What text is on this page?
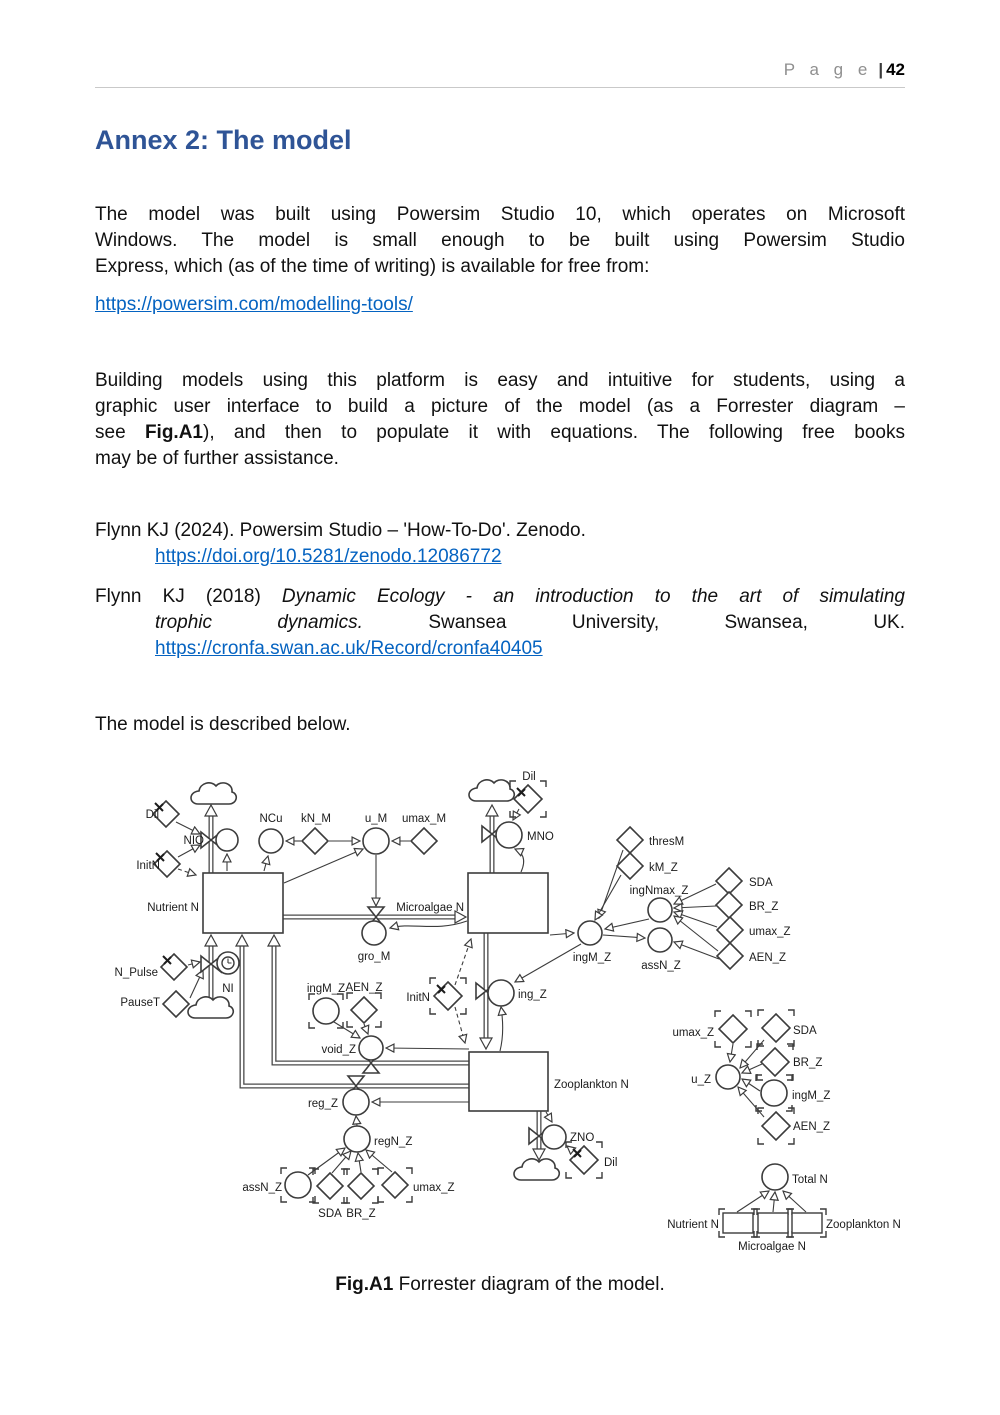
P a g e | 42
Annex 2: The model
The model was built using Powersim Studio 10, which operates on Microsoft
Windows. The model is small enough to be built using Powersim Studio
Express, which (as of the time of writing) is available for free from:
https://powersim.com/modelling-tools/
Building models using this platform is easy and intuitive for students, using a
graphic user interface to build a picture of the model (as a Forrester diagram –
see Fig.A1), and then to populate it with equations. The following free books
may be of further assistance.
Flynn KJ (2024). Powersim Studio – 'How-To-Do'. Zenodo.
https://doi.org/10.5281/zenodo.12086772
Flynn KJ (2018) Dynamic Ecology - an introduction to the art of simulating
trophic dynamics.	Swansea University, Swansea, UK.
https://cronfa.swan.ac.uk/Record/cronfa40405
The model is described below.
Dil
NIO
InitN
NCu kN_M	u_M umax_M
Nutrient N
N_Pulse
PauseT
NI
gro_M
Dil
MNO
Microalgae N
thresM
kM_Z
ingNmax_Z
SDA
BR_Z
umax_Z
AEN_Z
ingM_Z
assN_Z
InitN	ing_Z
ingM_Z AEN_Z
void_Z
Zooplankton N
reg_Z
regN_Z
assN_Z
SDA BR_Z
umax_Z
ZNO
Dil
umax_Z	SDA
BR_Z
ingM_Z
AEN_Z
u_Z
Total N
Nutrient N
Microalgae N
Zooplankton N
Fig.A1 Forrester diagram of the model.
